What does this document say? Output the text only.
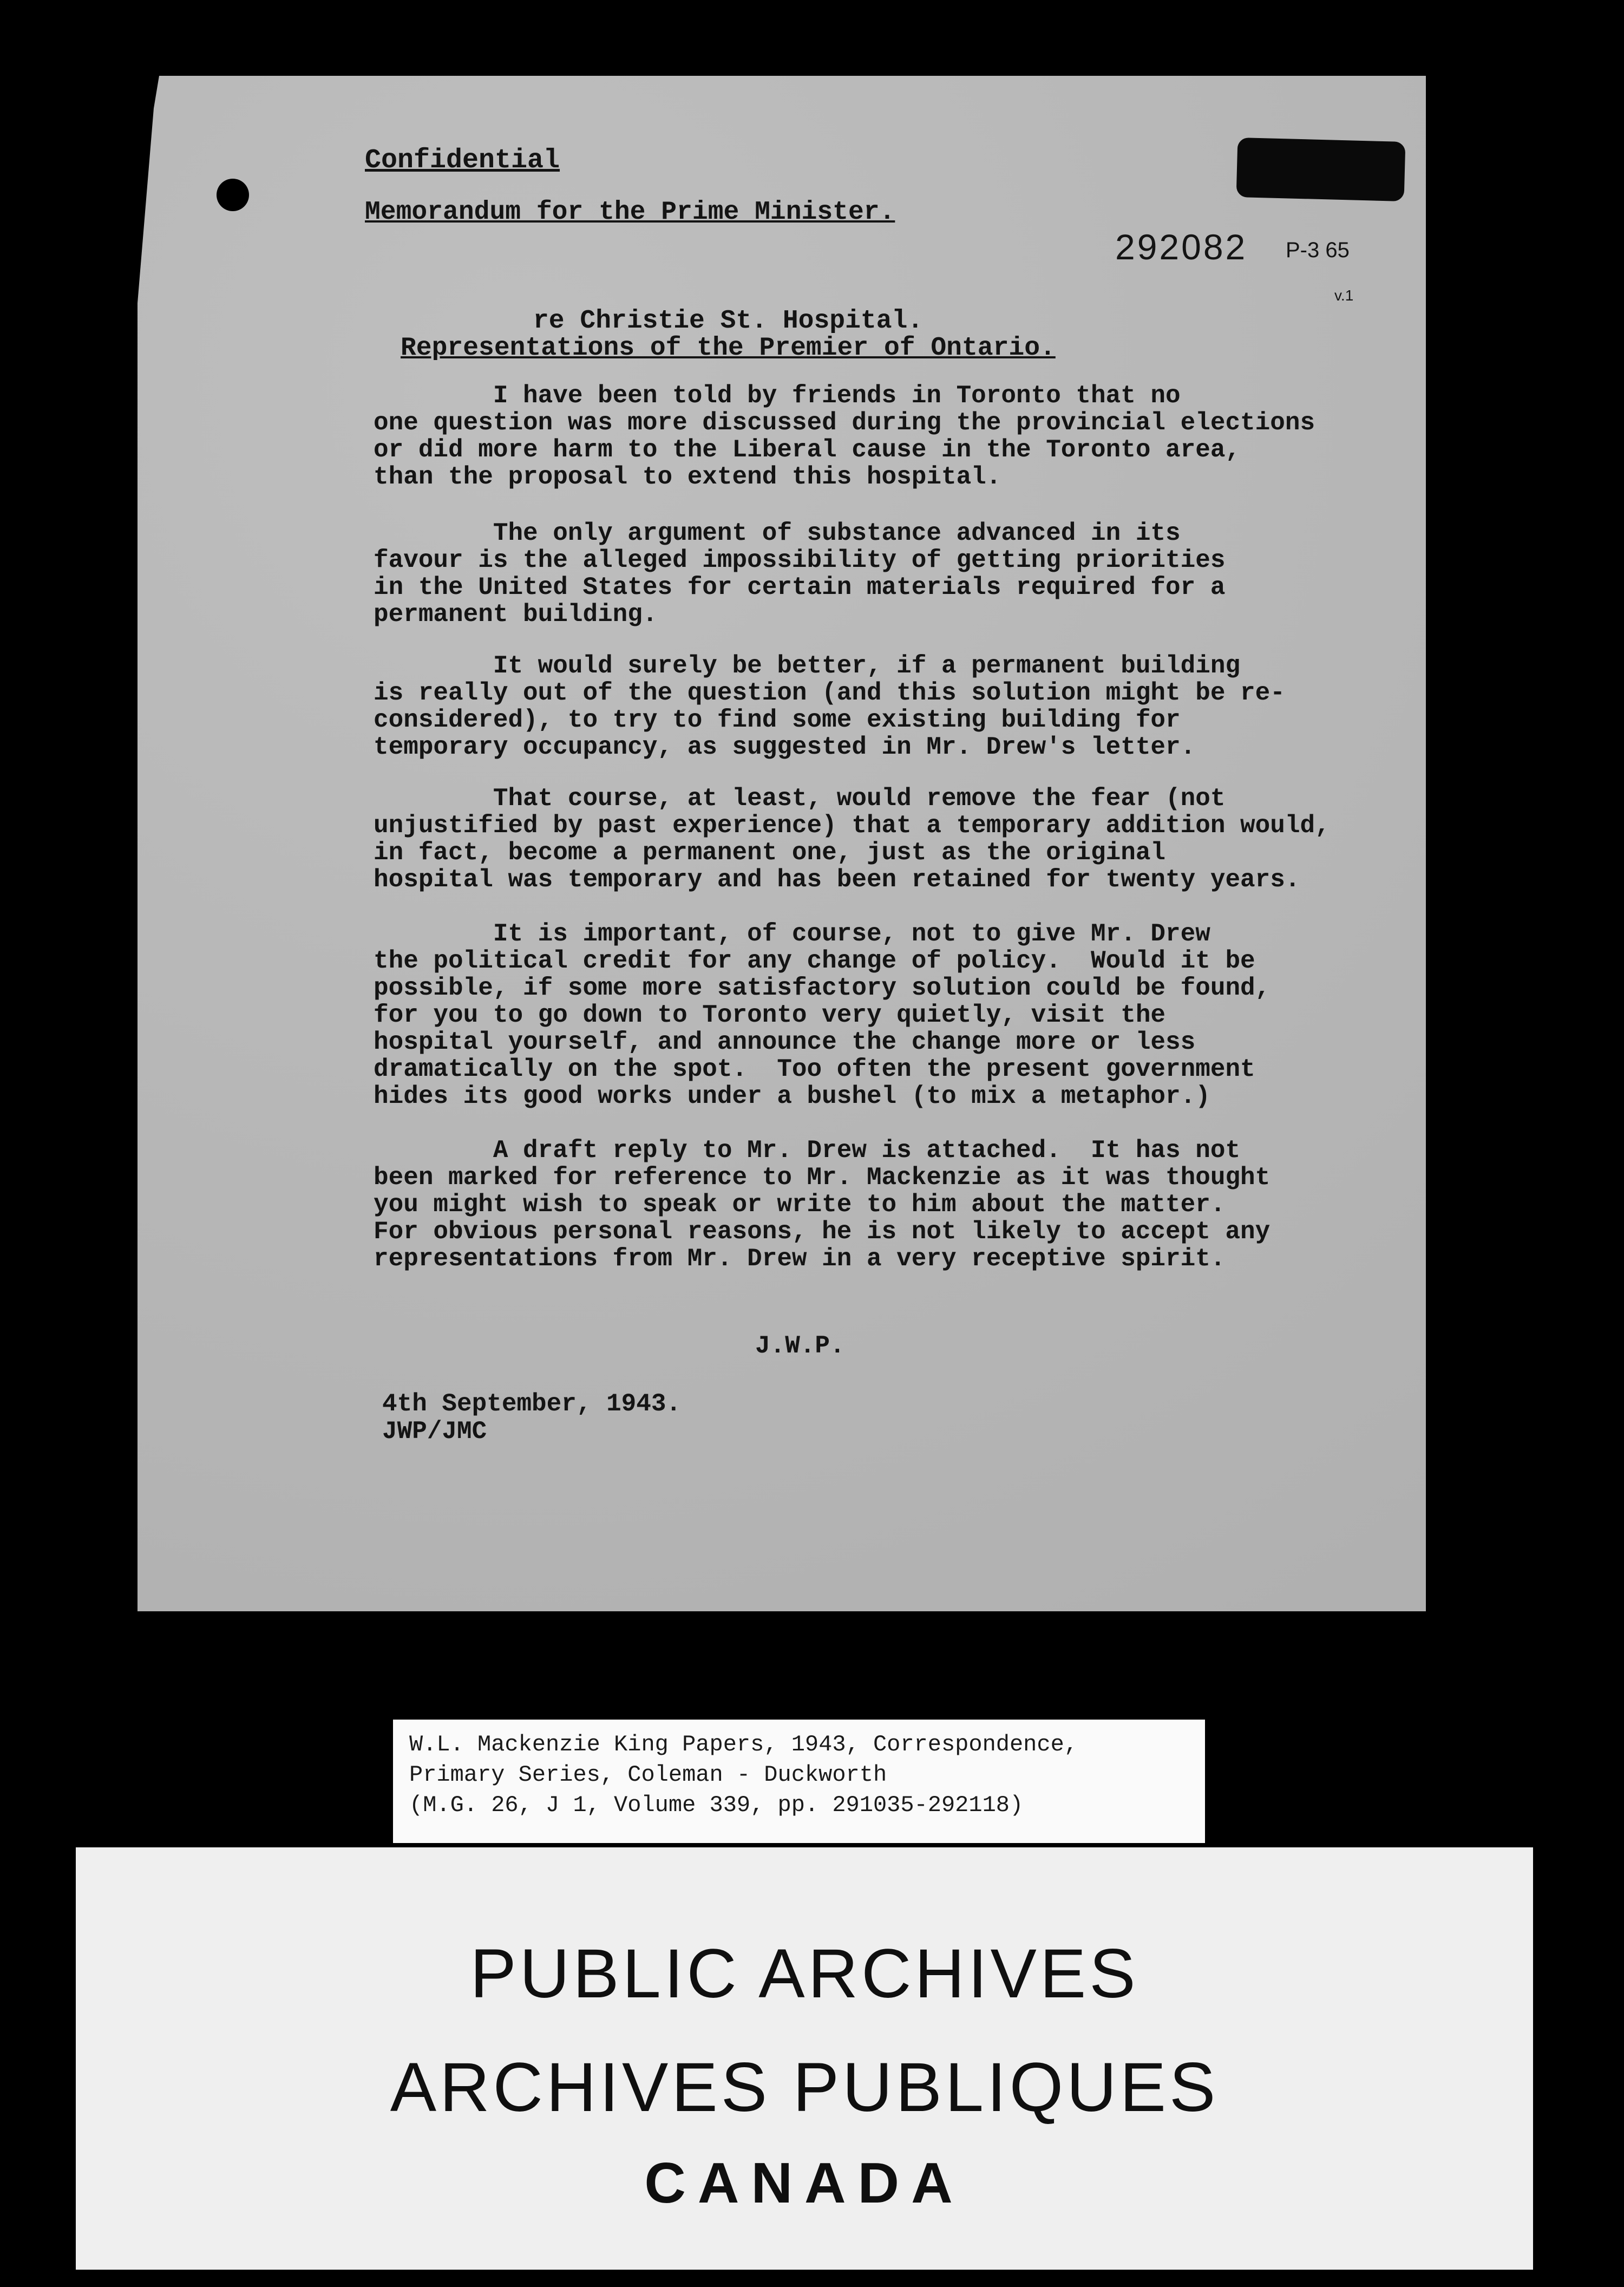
Confidential
Memorandum for the Prime Minister.
292082 P-3 65
v.1
re Christie St. Hospital.
Representations of the Premier of Ontario.
I have been told by friends in Toronto that no
one question was more discussed during the provincial elections
or did more harm to the Liberal cause in the Toronto area,
than the proposal to extend this hospital.
The only argument of substance advanced in its
favour is the alleged impossibility of getting priorities
in the United States for certain materials required for a
permanent building.
It would surely be better, if a permanent building
is really out of the question (and this solution might be re-
considered), to try to find some existing building for
temporary occupancy, as suggested in Mr. Drew's letter.
That course, at least, would remove the fear (not
unjustified by past experience) that a temporary addition would,
in fact, become a permanent one, just as the original
hospital was temporary and has been retained for twenty years.
It is important, of course, not to give Mr. Drew
the political credit for any change of policy.  Would it be
possible, if some more satisfactory solution could be found,
for you to go down to Toronto very quietly, visit the
hospital yourself, and announce the change more or less
dramatically on the spot.  Too often the present government
hides its good works under a bushel (to mix a metaphor.)
A draft reply to Mr. Drew is attached.  It has not
been marked for reference to Mr. Mackenzie as it was thought
you might wish to speak or write to him about the matter.
For obvious personal reasons, he is not likely to accept any
representations from Mr. Drew in a very receptive spirit.
J.W.P.
4th September, 1943.
JWP/JMC
W.L. Mackenzie King Papers, 1943, Correspondence,
Primary Series, Coleman - Duckworth
(M.G. 26, J 1, Volume 339, pp. 291035-292118)
PUBLIC ARCHIVES
ARCHIVES PUBLIQUES
CANADA
